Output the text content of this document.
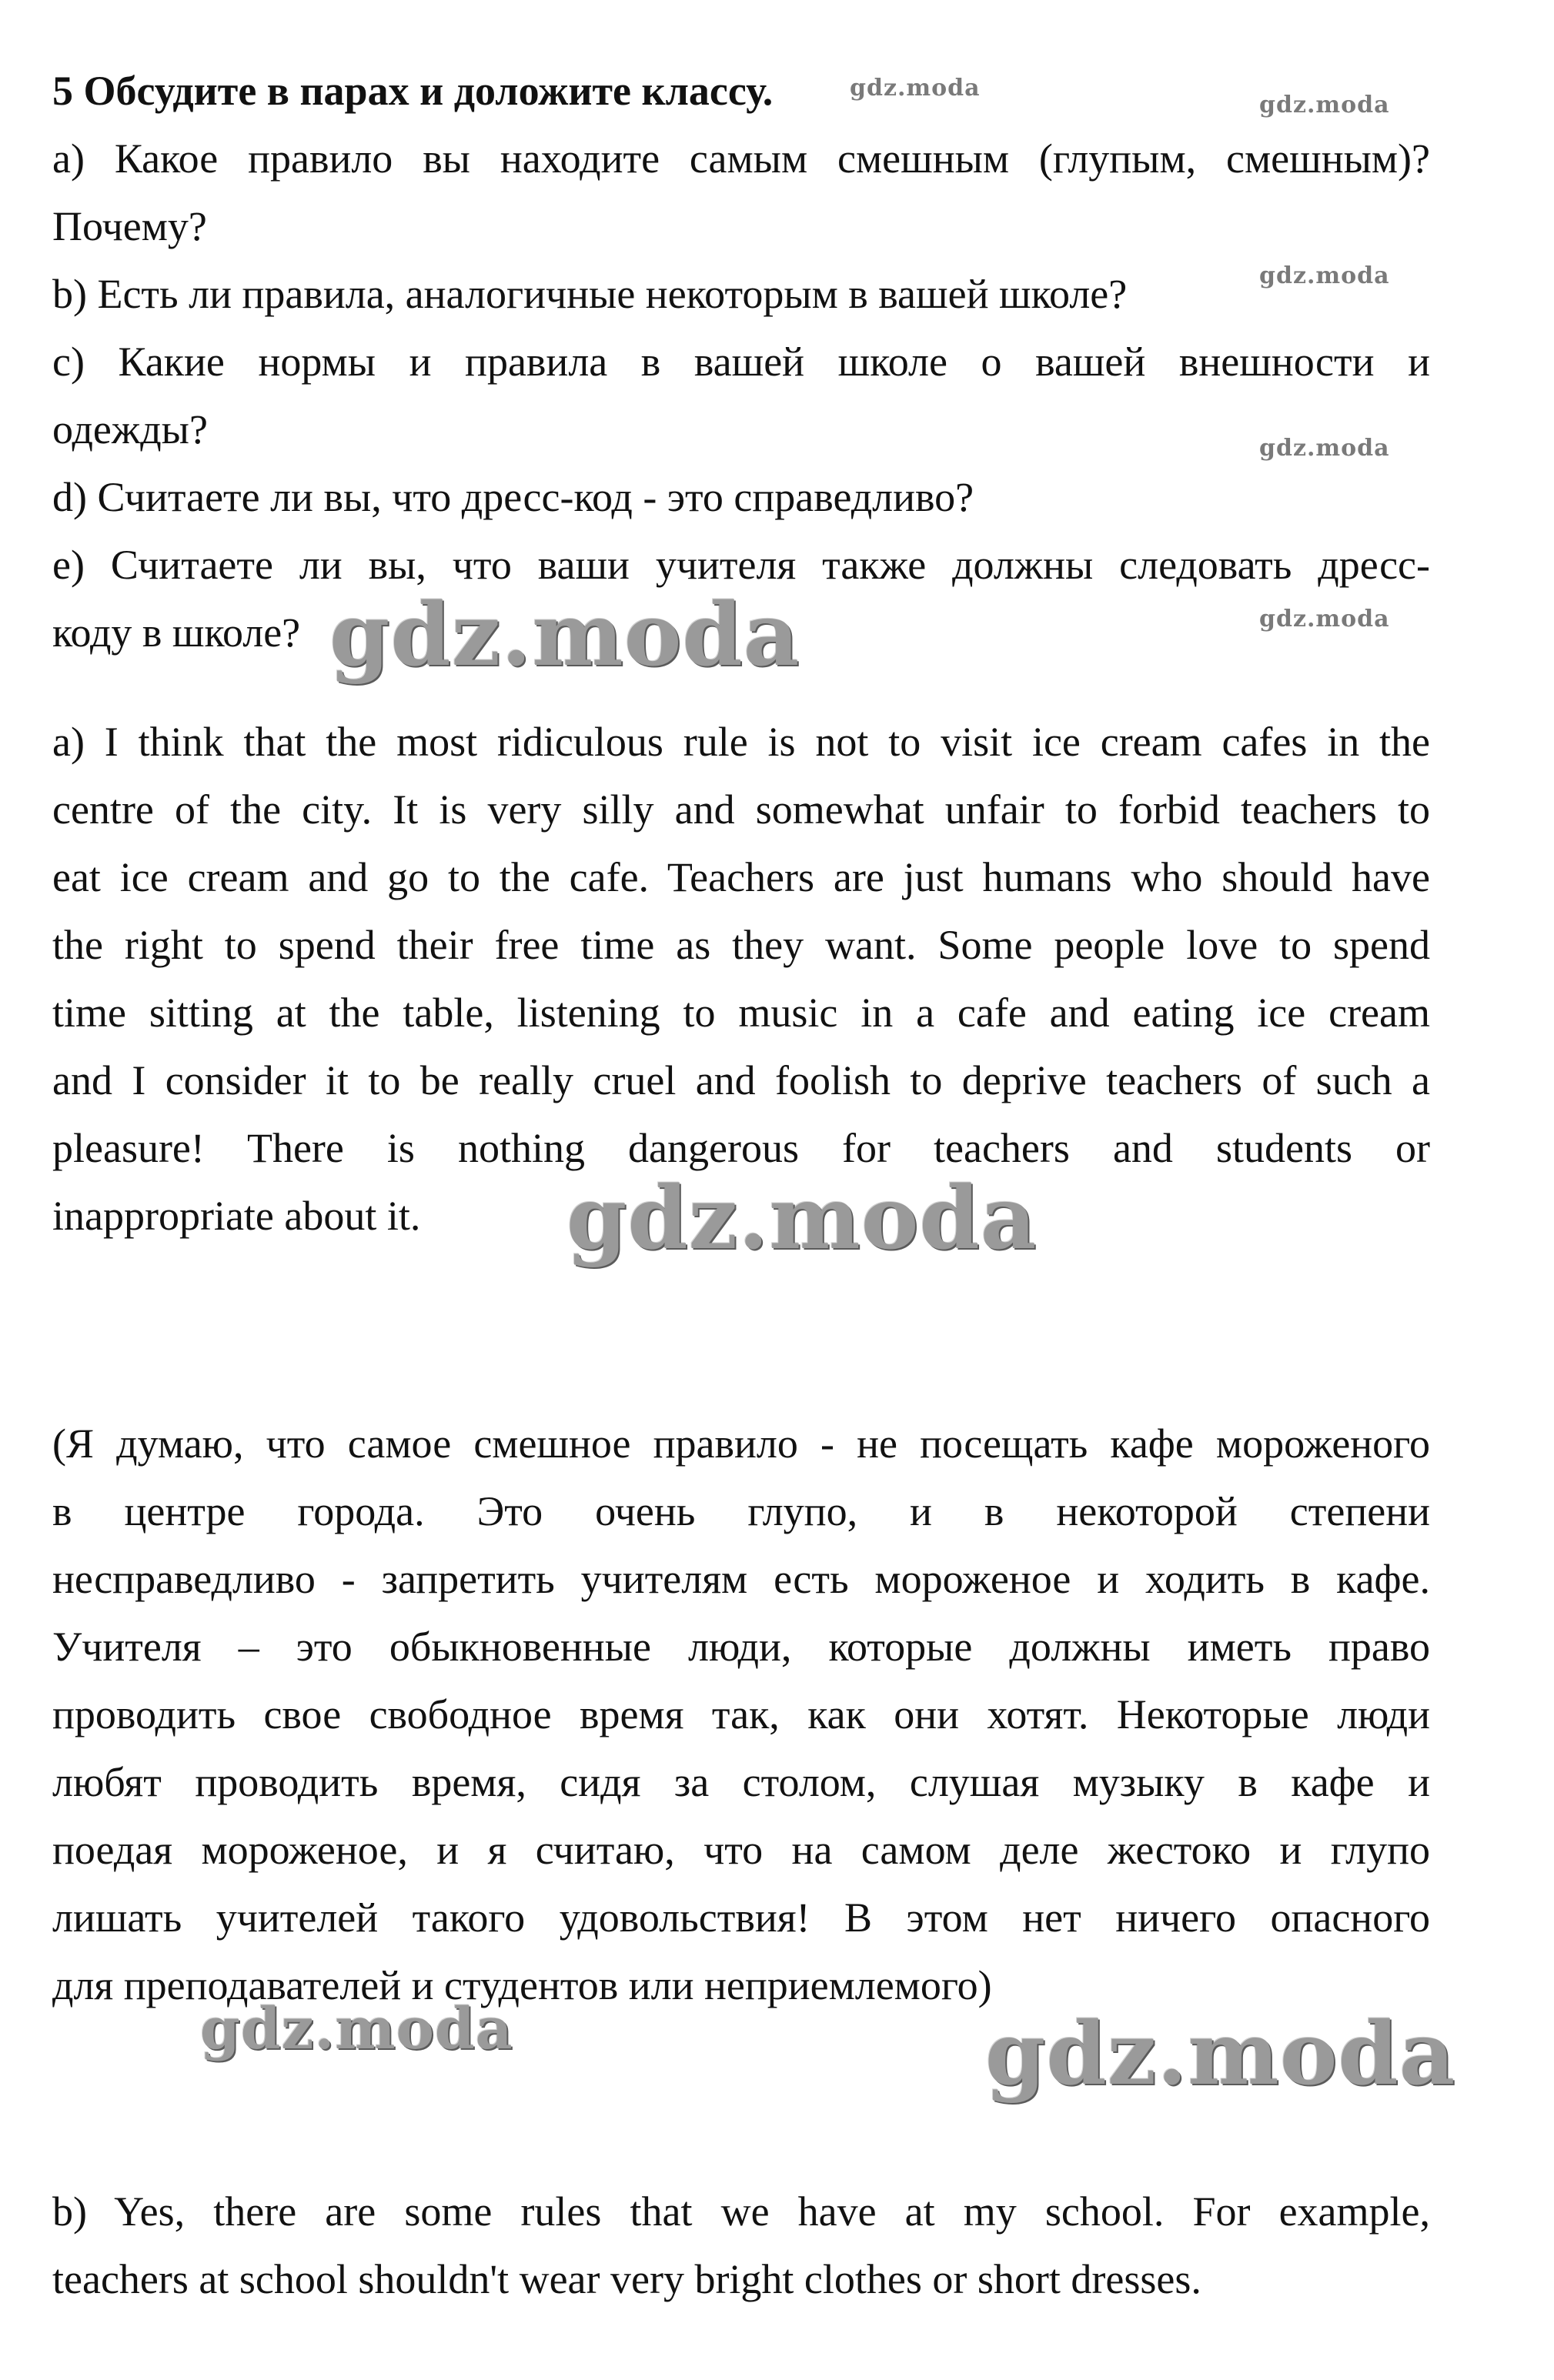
5 Обсудите в парах и доложите классу.
a) Какое правило вы находите самым смешным (глупым, смешным)?
Почему?
b) Есть ли правила, аналогичные некоторым в вашей школе?
c) Какие нормы и правила в вашей школе о вашей внешности и
одежды?
d) Считаете ли вы, что дресс-код - это справедливо?
e) Считаете ли вы, что ваши учителя также должны следовать дресс-
коду в школе?
a) I think that the most ridiculous rule is not to visit ice cream cafes in the
centre of the city. It is very silly and somewhat unfair to forbid teachers to
eat ice cream and go to the cafe. Teachers are just humans who should have
the right to spend their free time as they want. Some people love to spend
time sitting at the table, listening to music in a cafe and eating ice cream
and I consider it to be really cruel and foolish to deprive teachers of such a
pleasure! There is nothing dangerous for teachers and students or
inappropriate about it.
(Я думаю, что самое смешное правило - не посещать кафе мороженого
в центре города. Это очень глупо, и в некоторой степени
несправедливо - запретить учителям есть мороженое и ходить в кафе.
Учителя – это обыкновенные люди, которые должны иметь право
проводить свое свободное время так, как они хотят. Некоторые люди
любят проводить время, сидя за столом, слушая музыку в кафе и
поедая мороженое, и я считаю, что на самом деле жестоко и глупо
лишать учителей такого удовольствия! В этом нет ничего опасного
для преподавателей и студентов или неприемлемого)
b) Yes, there are some rules that we have at my school. For example,
teachers at school shouldn't wear very bright clothes or short dresses.
gdz.moda
gdz.moda
gdz.moda
gdz.moda
gdz.moda
gdz.moda
gdz.moda
gdz.moda	gdz.moda
